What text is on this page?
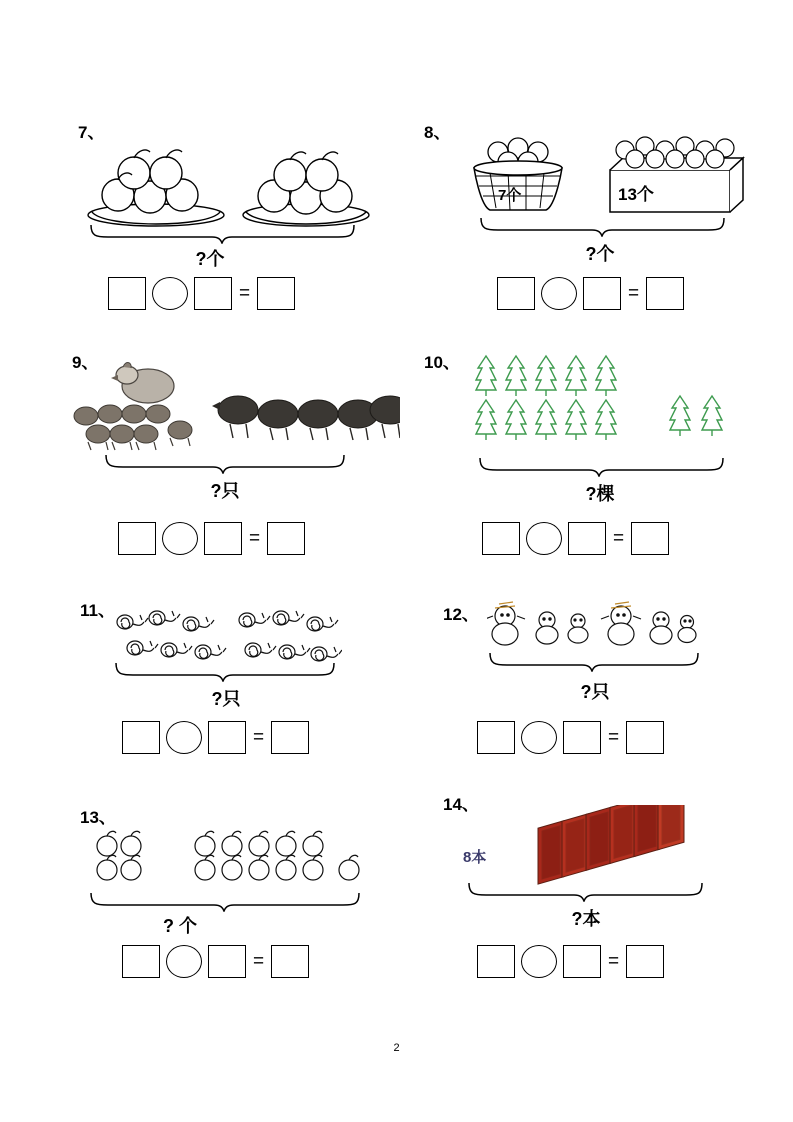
7、
?个
=
8、
7个	13个
?个
=
9、
?只
=
10、
?棵
=
11、
?只
=
12、
?只
=
13、
? 个
=
14、
8本
?本
=
2
